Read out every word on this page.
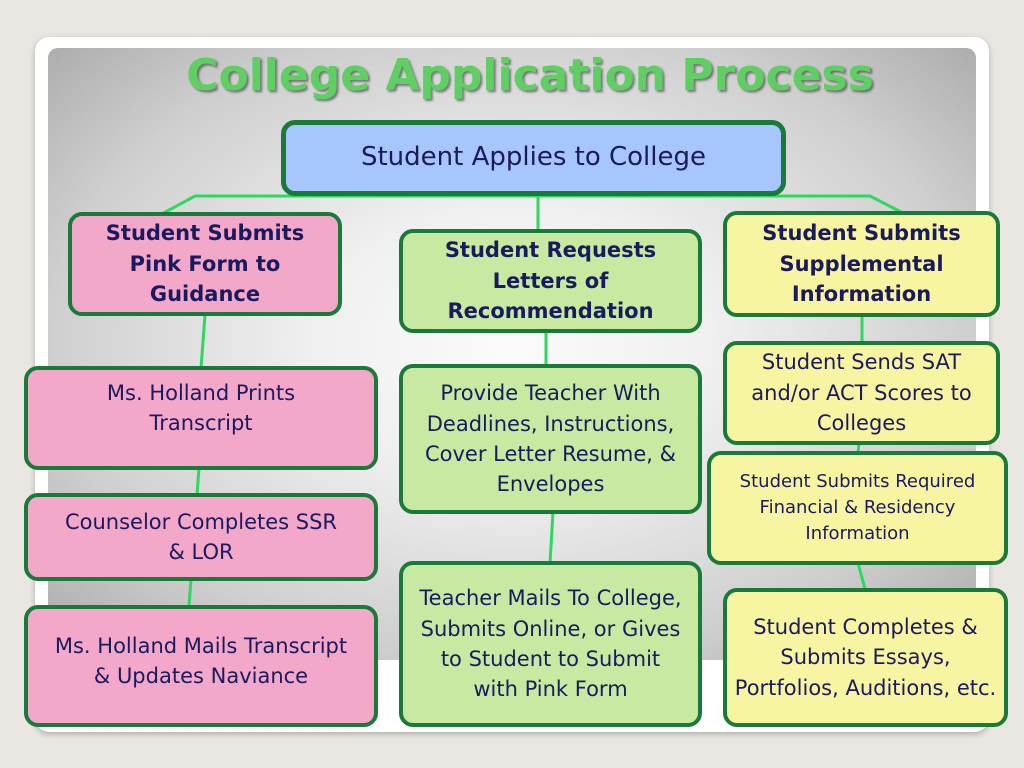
College Application Process
Student Applies to College
Student Submits Pink Form to Guidance
Ms. Holland Prints Transcript
Counselor Completes SSR & LOR
Ms. Holland Mails Transcript & Updates Naviance
Student Requests Letters of Recommendation
Provide Teacher With Deadlines, Instructions, Cover Letter Resume, & Envelopes
Teacher Mails To College, Submits Online, or Gives to Student to Submit with Pink Form
Student Submits Supplemental Information
Student Sends SAT and/or ACT Scores to Colleges
Student Submits Required Financial & Residency Information
Student Completes & Submits Essays, Portfolios, Auditions, etc.
